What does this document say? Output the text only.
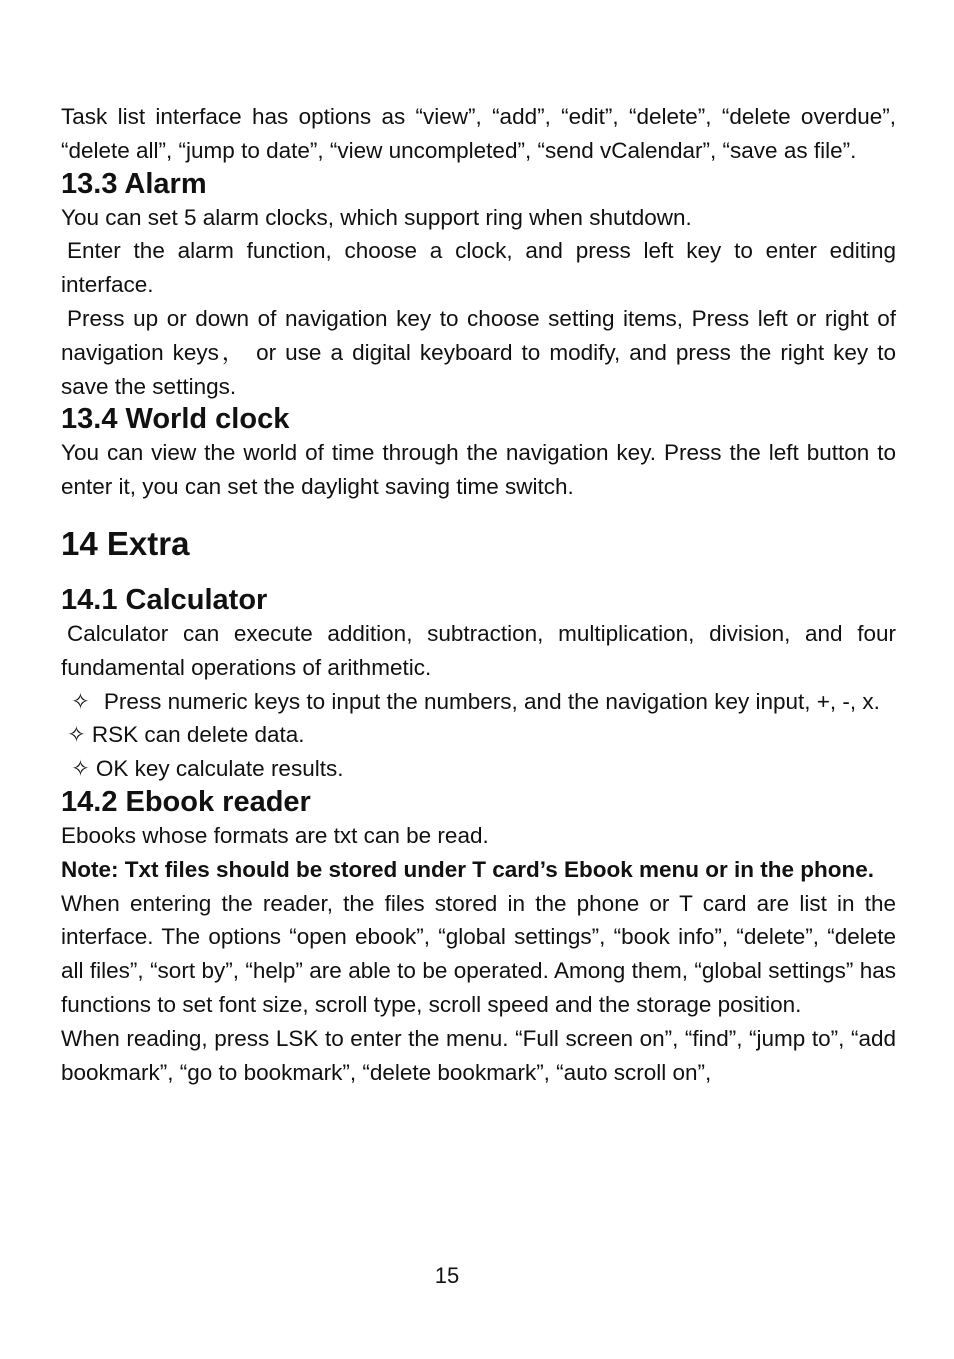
Task list interface has options as “view”, “add”, “edit”, “delete”, “delete overdue”, “delete all”, “jump to date”, “view uncompleted”, “send vCalendar”, “save as file”.

13.3 Alarm

You can set 5 alarm clocks, which support ring when shutdown.

Enter the alarm function, choose a clock, and press left key to enter editing interface.

Press up or down of navigation key to choose setting items, Press left or right of navigation keys， or use a digital keyboard to modify, and press the right key to save the settings.

13.4 World clock

You can view the world of time through the navigation key. Press the left button to enter it, you can set the daylight saving time switch.

14 Extra
14.1 Calculator

Calculator can execute addition, subtraction, multiplication, division, and four fundamental operations of arithmetic.

✧ Press numeric keys to input the numbers, and the navigation key input, +, -, x.

✧ RSK can delete data.

✧ OK key calculate results.

14.2 Ebook reader

Ebooks whose formats are txt can be read.

Note: Txt files should be stored under T card’s Ebook menu or in the phone.

When entering the reader, the files stored in the phone or T card are list in the interface. The options “open ebook”, “global settings”, “book info”, “delete”, “delete all files”, “sort by”, “help” are able to be operated. Among them, “global settings” has functions to set font size, scroll type, scroll speed and the storage position.

When reading, press LSK to enter the menu. “Full screen on”, “find”, “jump to”, “add bookmark”, “go to bookmark”, “delete bookmark”, “auto scroll on”,

15
